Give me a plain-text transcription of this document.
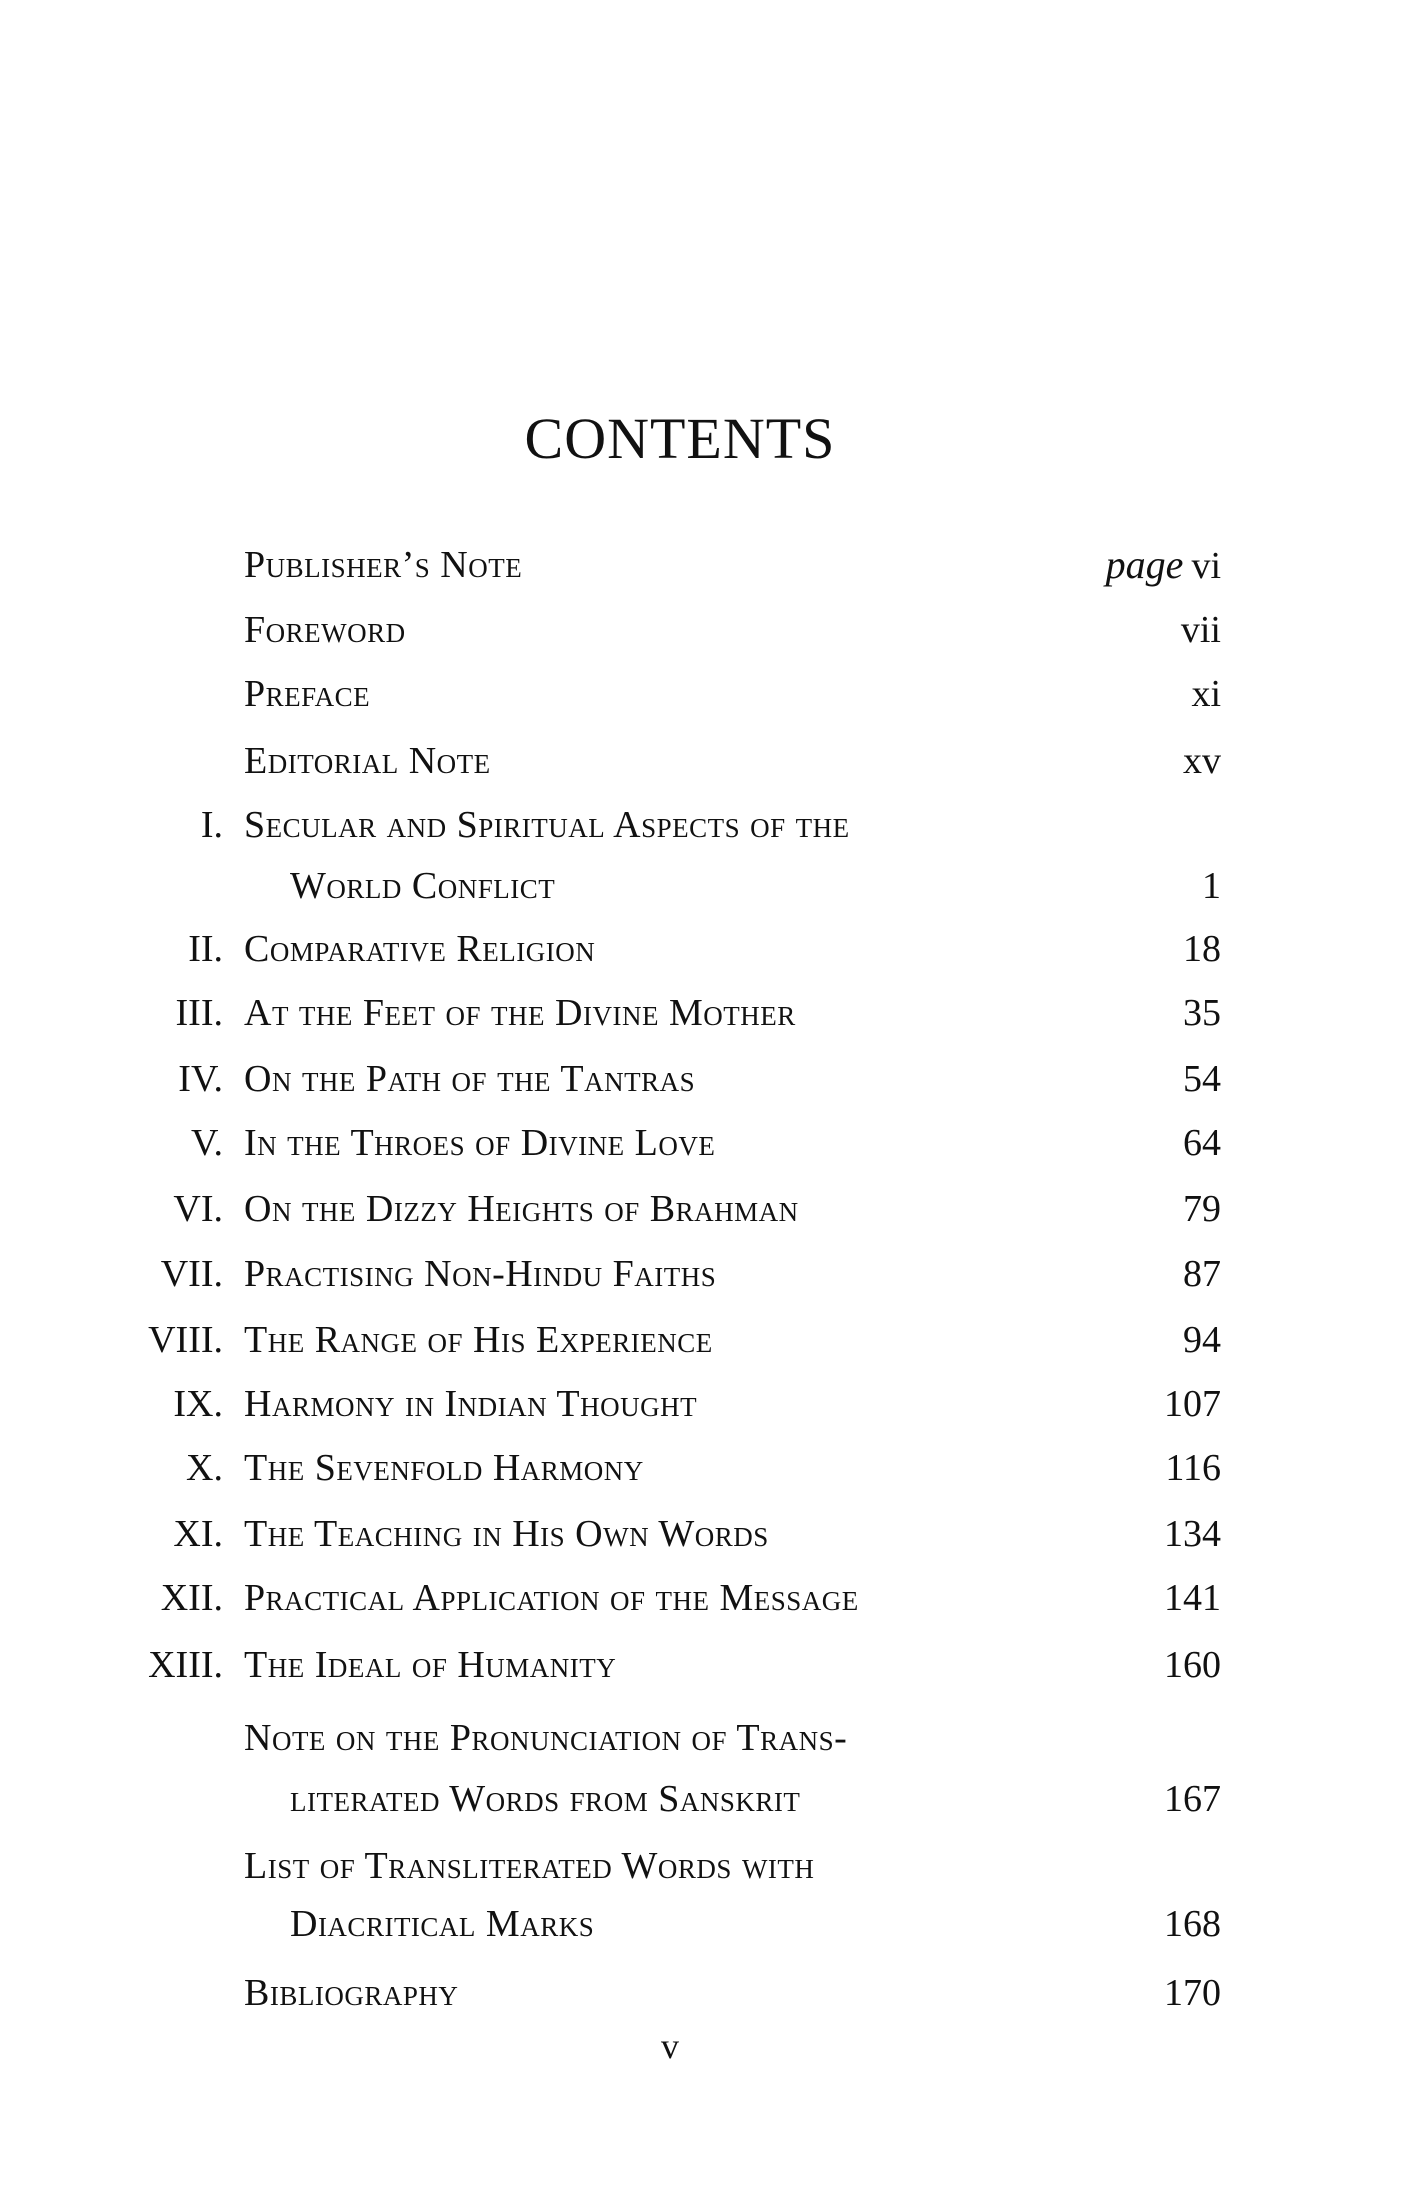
CONTENTS
Publisher’s Note	page vi
Foreword	vii
Preface	xi
Editorial Note	xv
I. Secular and Spiritual Aspects of the
World Conflict	1
II. Comparative Religion	18
III. At the Feet of the Divine Mother	35
IV. On the Path of the Tantras	54
V. In the Throes of Divine Love	64
VI. On the Dizzy Heights of Brahman	79
VII. Practising Non-Hindu Faiths	87
VIII. The Range of His Experience	94
IX. Harmony in Indian Thought	107
X. The Sevenfold Harmony	116
XI. The Teaching in His Own Words	134
XII. Practical Application of the Message	141
XIII. The Ideal of Humanity	160
Note on the Pronunciation of Trans-
literated Words from Sanskrit	167
List of Transliterated Words with
Diacritical Marks	168
Bibliography	170
v
